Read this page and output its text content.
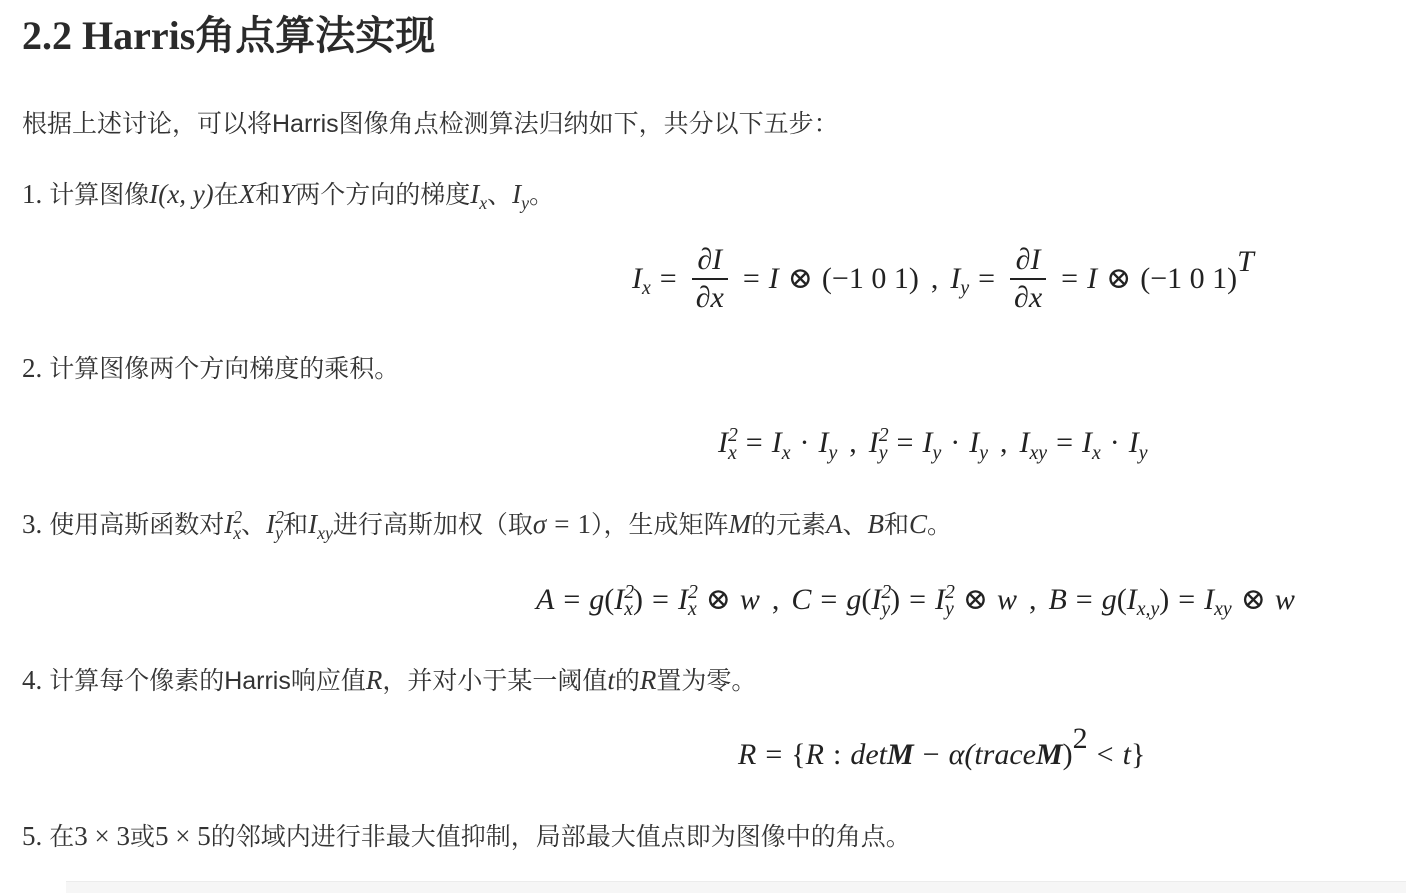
2.2 Harris角点算法实现

根据上述讨论，可以将Harris图像角点检测算法归纳如下，共分以下五步：

1. 计算图像I(x, y)在X和Y两个方向的梯度$I_x$、$I_y$。

$I_x = \frac{\partial I}{\partial x} = I$ ⊗ (−1 0 1) , $I_y = \frac{\partial I}{\partial x} = I$ ⊗ (−1 0 1)$^T$

2. 计算图像两个方向梯度的乘积。

$I^2_x = I_x \cdot I_y$ , $I^2_y = I_y \cdot I_y$ , $I_{xy} = I_x \cdot I_y$

3. 使用高斯函数对$I^2_x$、$I^2_y$和$I_{xy}$进行高斯加权（取σ = 1），生成矩阵M的元素A、B和C。

$A = g(I^2_x) = I^2_x$ ⊗ w , $C = g(I^2_y) = I^2_y$ ⊗ w , $B = g(I_{x,y}) = I_{xy}$ ⊗ w

4. 计算每个像素的Harris响应值R，并对小于某一阈值t的R置为零。

R = { R : det M − α (trace M )$^2$ < t }

5. 在3 × 3或5 × 5的邻域内进行非最大值抑制，局部最大值点即为图像中的角点。
